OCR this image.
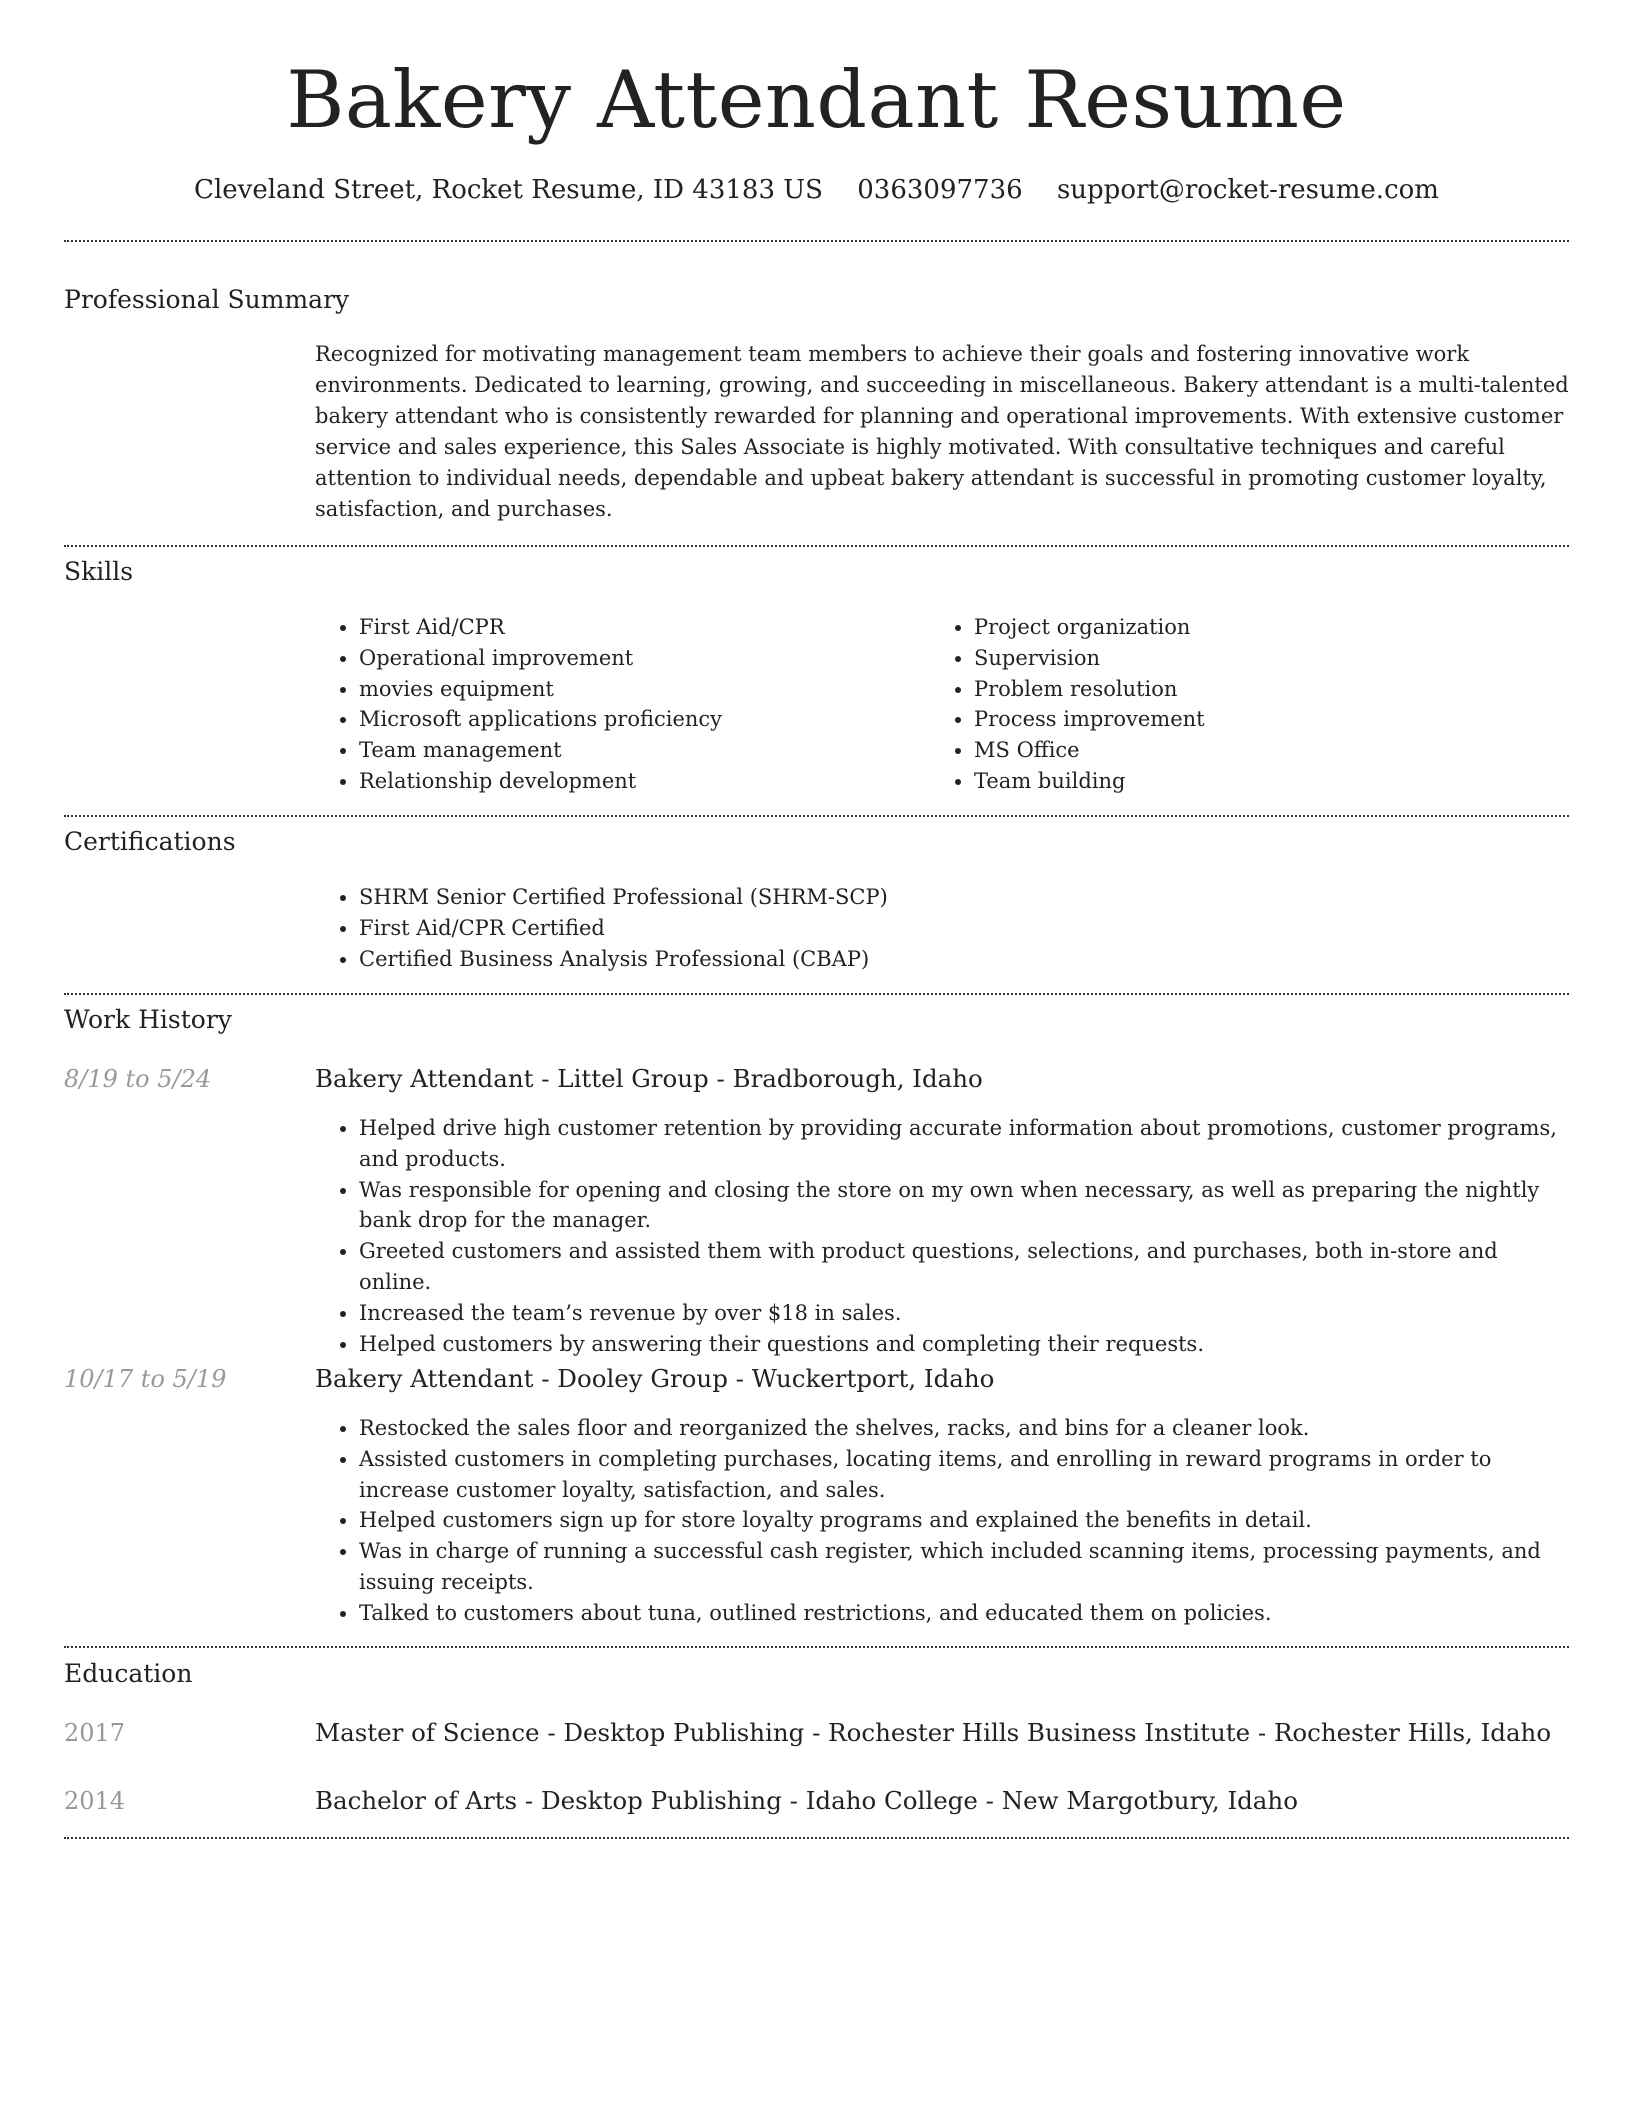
Bakery Attendant Resume
Cleveland Street, Rocket Resume, ID 43183 US 0363097736 support@rocket-resume.com
Professional Summary

Recognized for motivating management team members to achieve their goals and fostering innovative work environments. Dedicated to learning, growing, and succeeding in miscellaneous. Bakery attendant is a multi-talented bakery attendant who is consistently rewarded for planning and operational improvements. With extensive customer service and sales experience, this Sales Associate is highly motivated. With consultative techniques and careful attention to individual needs, dependable and upbeat bakery attendant is successful in promoting customer loyalty, satisfaction, and purchases.

Skills
• First Aid/CPR
• Operational improvement
• movies equipment
• Microsoft applications proficiency
• Team management
• Relationship development
• Project organization
• Supervision
• Problem resolution
• Process improvement
• MS Office
• Team building
Certifications
• SHRM Senior Certified Professional (SHRM-SCP)
• First Aid/CPR Certified
• Certified Business Analysis Professional (CBAP)
Work History
8/19 to 5/24	Bakery Attendant - Littel Group - Bradborough, Idaho
• Helped drive high customer retention by providing accurate information about promotions, customer programs, and products.
• Was responsible for opening and closing the store on my own when necessary, as well as preparing the nightly bank drop for the manager.
• Greeted customers and assisted them with product questions, selections, and purchases, both in-store and online.
• Increased the team’s revenue by over $18 in sales.
• Helped customers by answering their questions and completing their requests.
10/17 to 5/19	Bakery Attendant - Dooley Group - Wuckertport, Idaho
• Restocked the sales floor and reorganized the shelves, racks, and bins for a cleaner look.
• Assisted customers in completing purchases, locating items, and enrolling in reward programs in order to increase customer loyalty, satisfaction, and sales.
• Helped customers sign up for store loyalty programs and explained the benefits in detail.
• Was in charge of running a successful cash register, which included scanning items, processing payments, and issuing receipts.
• Talked to customers about tuna, outlined restrictions, and educated them on policies.
Education
2017	Master of Science - Desktop Publishing - Rochester Hills Business Institute - Rochester Hills, Idaho
2014	Bachelor of Arts - Desktop Publishing - Idaho College - New Margotbury, Idaho
